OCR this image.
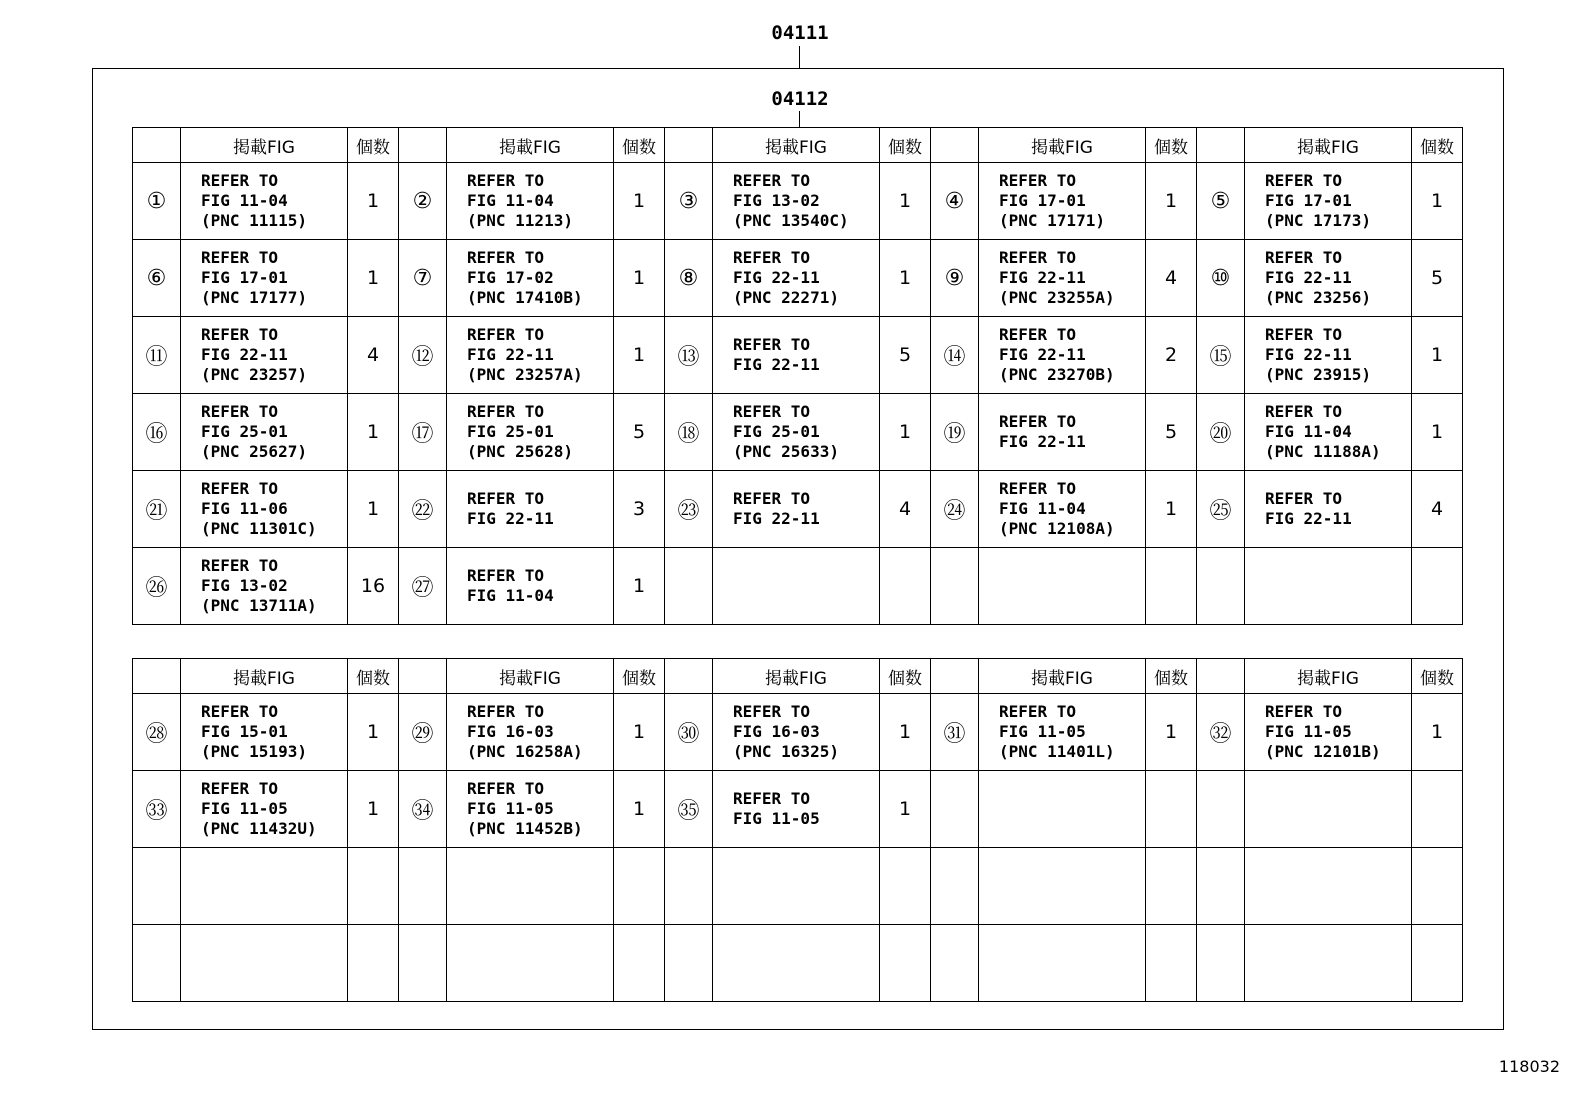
04111
04112
	掲載FIG	個数		掲載FIG	個数		掲載FIG	個数		掲載FIG	個数		掲載FIG	個数
①	REFER TO
FIG 11-04
(PNC 11115)	1	②	REFER TO
FIG 11-04
(PNC 11213)	1	③	REFER TO
FIG 13-02
(PNC 13540C)	1	④	REFER TO
FIG 17-01
(PNC 17171)	1	⑤	REFER TO
FIG 17-01
(PNC 17173)	1
⑥	REFER TO
FIG 17-01
(PNC 17177)	1	⑦	REFER TO
FIG 17-02
(PNC 17410B)	1	⑧	REFER TO
FIG 22-11
(PNC 22271)	1	⑨	REFER TO
FIG 22-11
(PNC 23255A)	4	⑩	REFER TO
FIG 22-11
(PNC 23256)	5
⑪	REFER TO
FIG 22-11
(PNC 23257)	4	⑫	REFER TO
FIG 22-11
(PNC 23257A)	1	⑬	REFER TO
FIG 22-11	5	⑭	REFER TO
FIG 22-11
(PNC 23270B)	2	⑮	REFER TO
FIG 22-11
(PNC 23915)	1
⑯	REFER TO
FIG 25-01
(PNC 25627)	1	⑰	REFER TO
FIG 25-01
(PNC 25628)	5	⑱	REFER TO
FIG 25-01
(PNC 25633)	1	⑲	REFER TO
FIG 22-11	5	⑳	REFER TO
FIG 11-04
(PNC 11188A)	1
㉑	REFER TO
FIG 11-06
(PNC 11301C)	1	㉒	REFER TO
FIG 22-11	3	㉓	REFER TO
FIG 22-11	4	㉔	REFER TO
FIG 11-04
(PNC 12108A)	1	㉕	REFER TO
FIG 22-11	4
㉖	REFER TO
FIG 13-02
(PNC 13711A)	16	㉗	REFER TO
FIG 11-04	1		

	掲載FIG	個数		掲載FIG	個数		掲載FIG	個数		掲載FIG	個数		掲載FIG	個数
㉘	REFER TO
FIG 15-01
(PNC 15193)	1	㉙	REFER TO
FIG 16-03
(PNC 16258A)	1	㉚	REFER TO
FIG 16-03
(PNC 16325)	1	㉛	REFER TO
FIG 11-05
(PNC 11401L)	1	㉜	REFER TO
FIG 11-05
(PNC 12101B)	1
㉝	REFER TO
FIG 11-05
(PNC 11432U)	1	㉞	REFER TO
FIG 11-05
(PNC 11452B)	1	㉟	REFER TO
FIG 11-05	1		

118032
